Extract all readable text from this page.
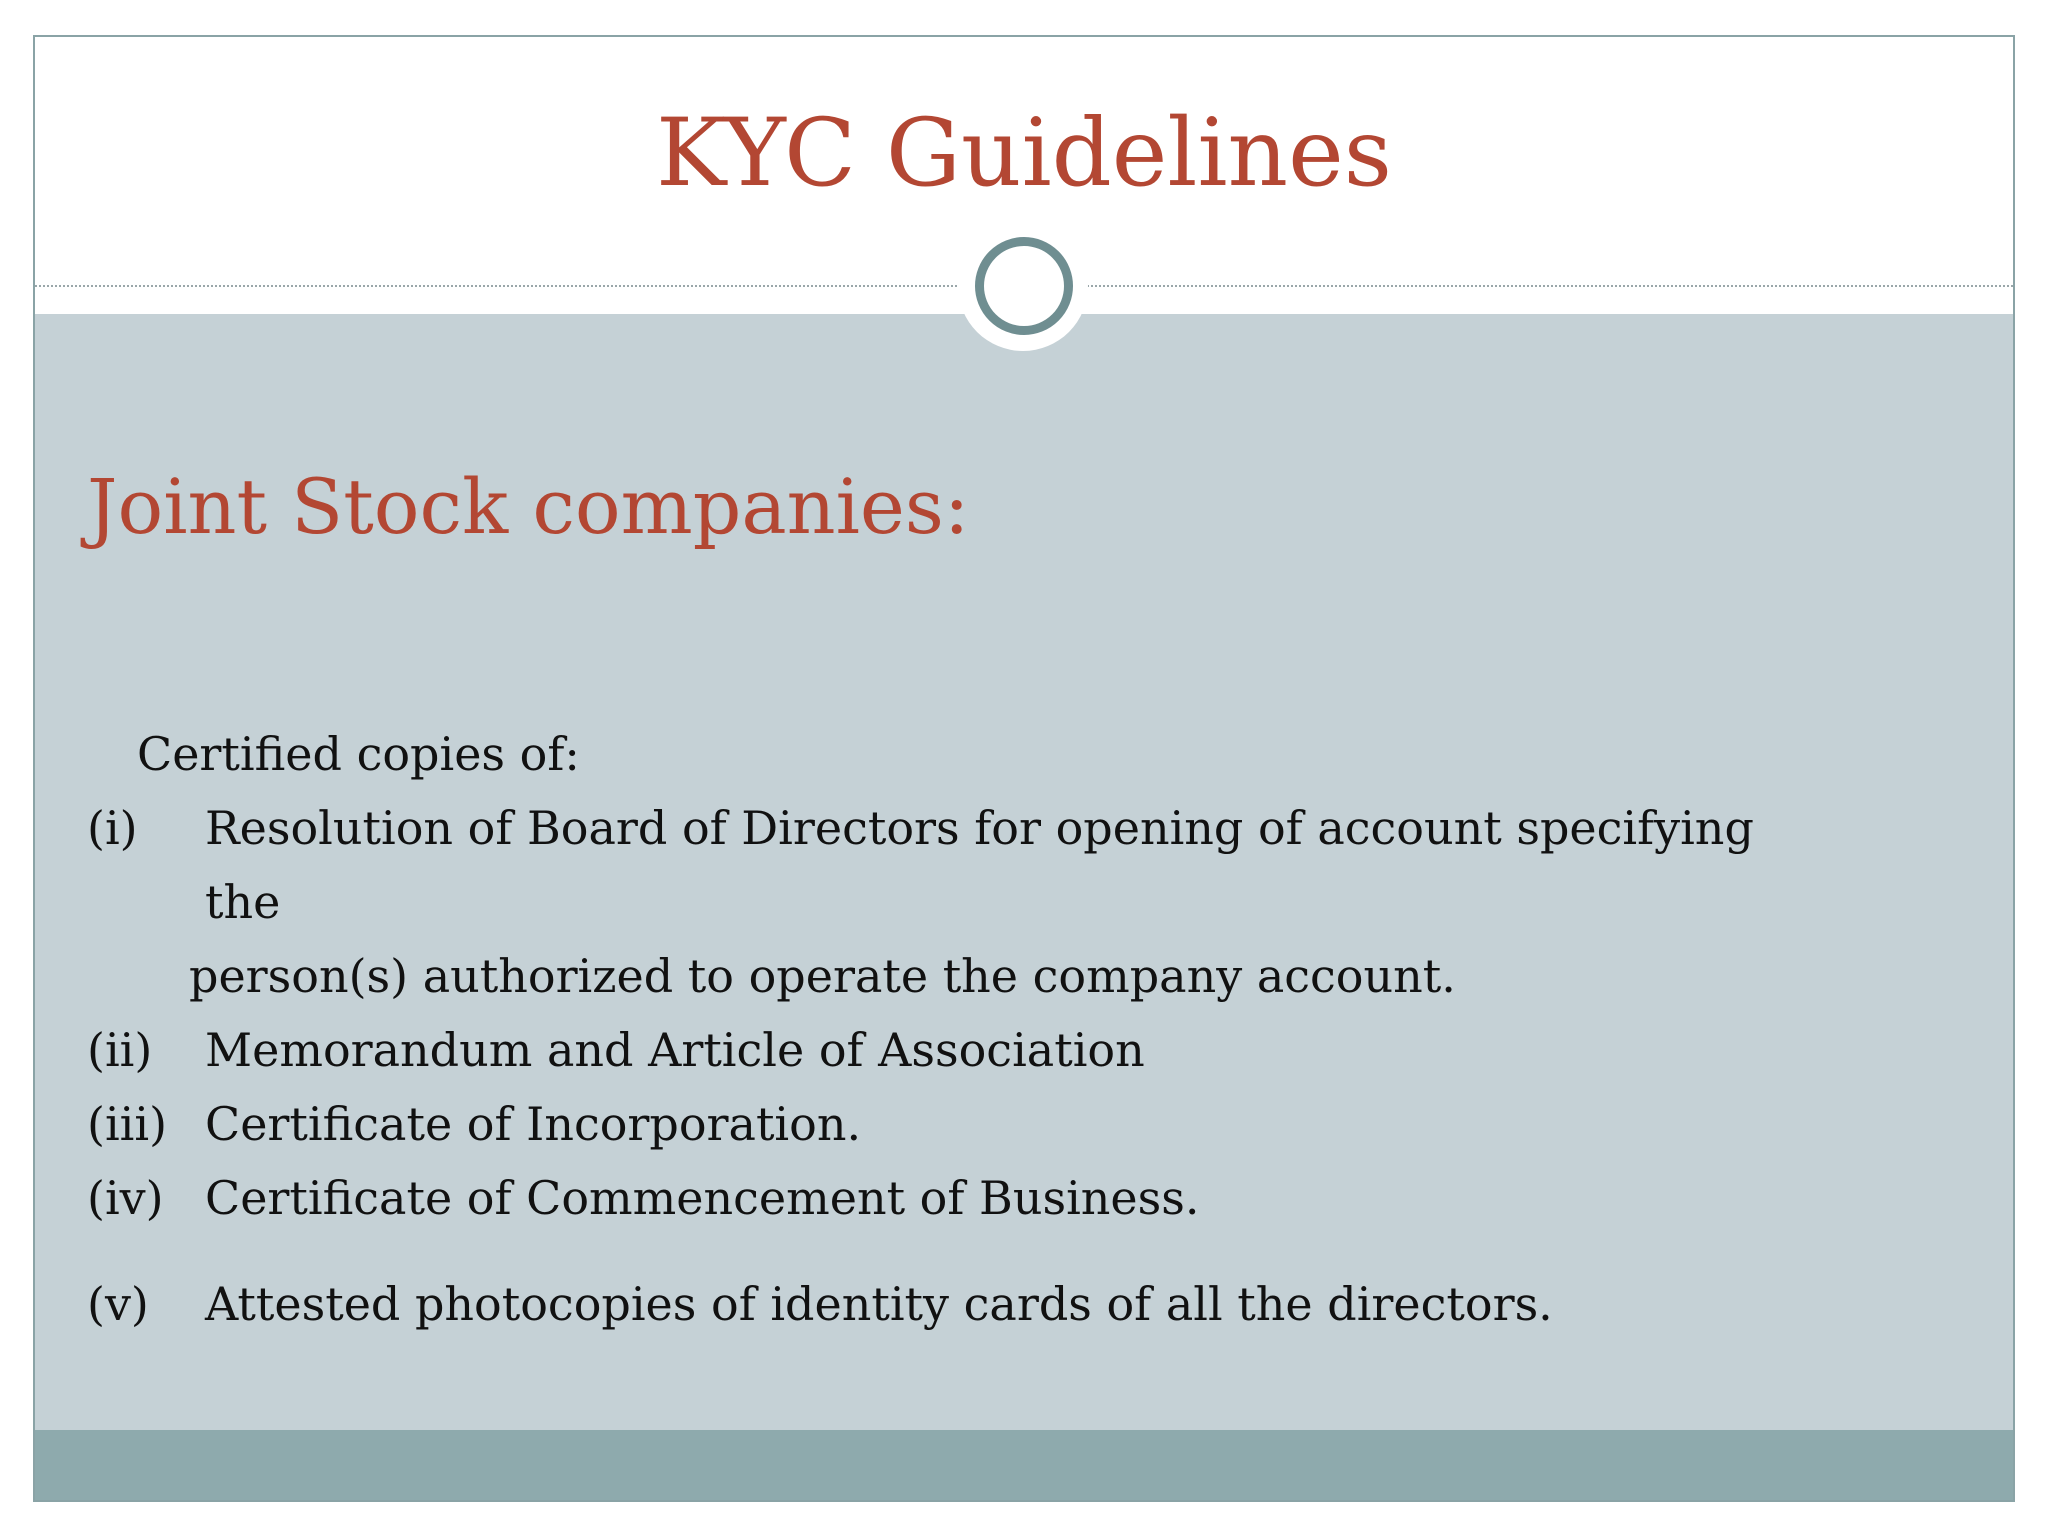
KYC Guidelines
Joint Stock companies:
Certified copies of:
(i)	Resolution of Board of Directors for opening of account specifying the
person(s) authorized to operate the company account.
(ii)	Memorandum and Article of Association
(iii) Certificate of Incorporation.
(iv) Certificate of Commencement of Business.
(v)	Attested photocopies of identity cards of all the directors.
